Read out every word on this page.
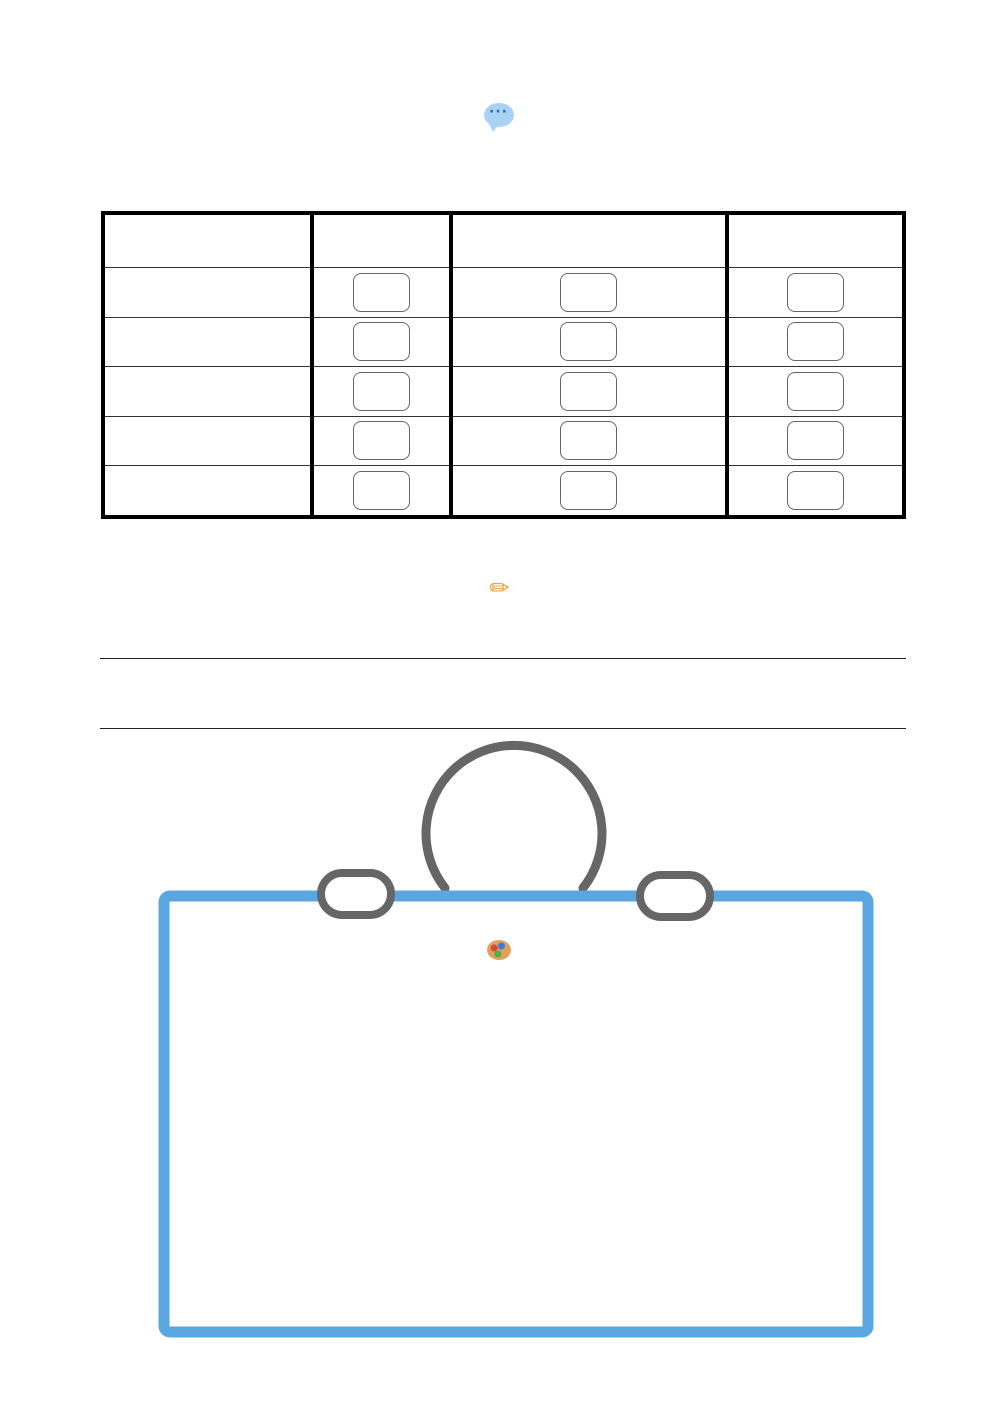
···

✏
